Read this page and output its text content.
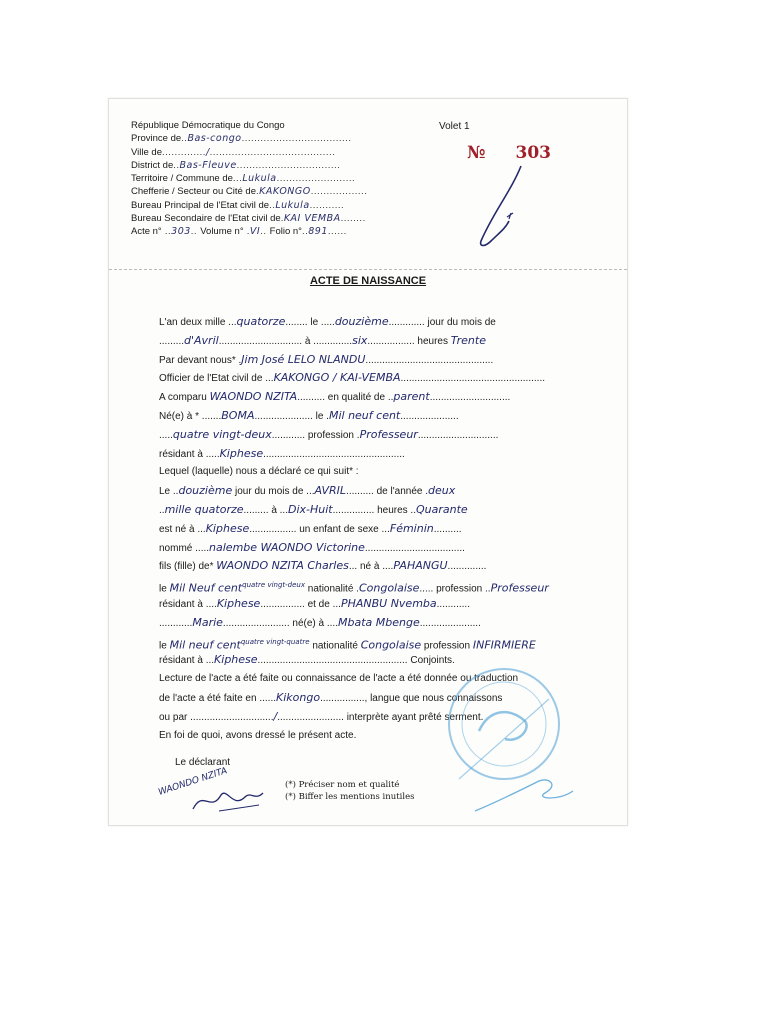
République Démocratique du Congo
Province de..Bas-congo...................................
Ville de............../........................................
District de..Bas-Fleuve.................................
Territoire / Commune de...Lukula.........................
Chefferie / Secteur ou Cité de.KAKONGO..................
Bureau Principal de l'Etat civil de..Lukula...........
Bureau Secondaire de l'Etat civil de.KAI VEMBA........
Acte n° ..303.. Volume n° .VI.. Folio n°..891......
Volet 1
№ 303
ACTE DE NAISSANCE
L'an deux mille ...quatorze........ le .....douzième............. jour du mois de
.........d'Avril.............................. à ..............six................. heures Trente
Par devant nous* .Jim José LELO NLANDU..............................................
Officier de l'Etat civil de ...KAKONGO / KAI-VEMBA....................................................
A comparu WAONDO NZITA.......... en qualité de ..parent.............................
Né(e) à * .......BOMA..................... le .Mil neuf cent.....................
.....quatre vingt-deux............ profession .Professeur.............................
résidant à .....Kiphese...................................................
Lequel (laquelle) nous a déclaré ce qui suit* :
Le ..douzième jour du mois de ...AVRIL.......... de l'année .deux
..mille quatorze......... à ...Dix-Huit............... heures ..Quarante
est né à ...Kiphese................. un enfant de sexe ...Féminin..........
nommé .....nalembe WAONDO Victorine....................................
fils (fille) de* WAONDO NZITA Charles... né à ....PAHANGU..............
le Mil Neuf cent$^{quatre vingt-deux}$ nationalité .Congolaise..... profession ..Professeur
résidant à ....Kiphese................ et de ...PHANBU Nvemba............
............Marie........................ né(e) à ....Mbata Mbenge......................
le Mil neuf cent$^{quatre vingt-quatre}$ nationalité Congolaise profession INFIRMIERE
résidant à ...Kiphese...................................................... Conjoints.
Lecture de l'acte a été faite ou connaissance de l'acte a été donnée ou traduction
de l'acte a été faite en ......Kikongo................, langue que nous connaissons
ou par ............................../........................ interprète ayant prêté serment.
En foi de quoi, avons dressé le présent acte.
Le déclarant
WAONDO NZITA	(*) Préciser nom et qualité
(*) Biffer les mentions inutiles
